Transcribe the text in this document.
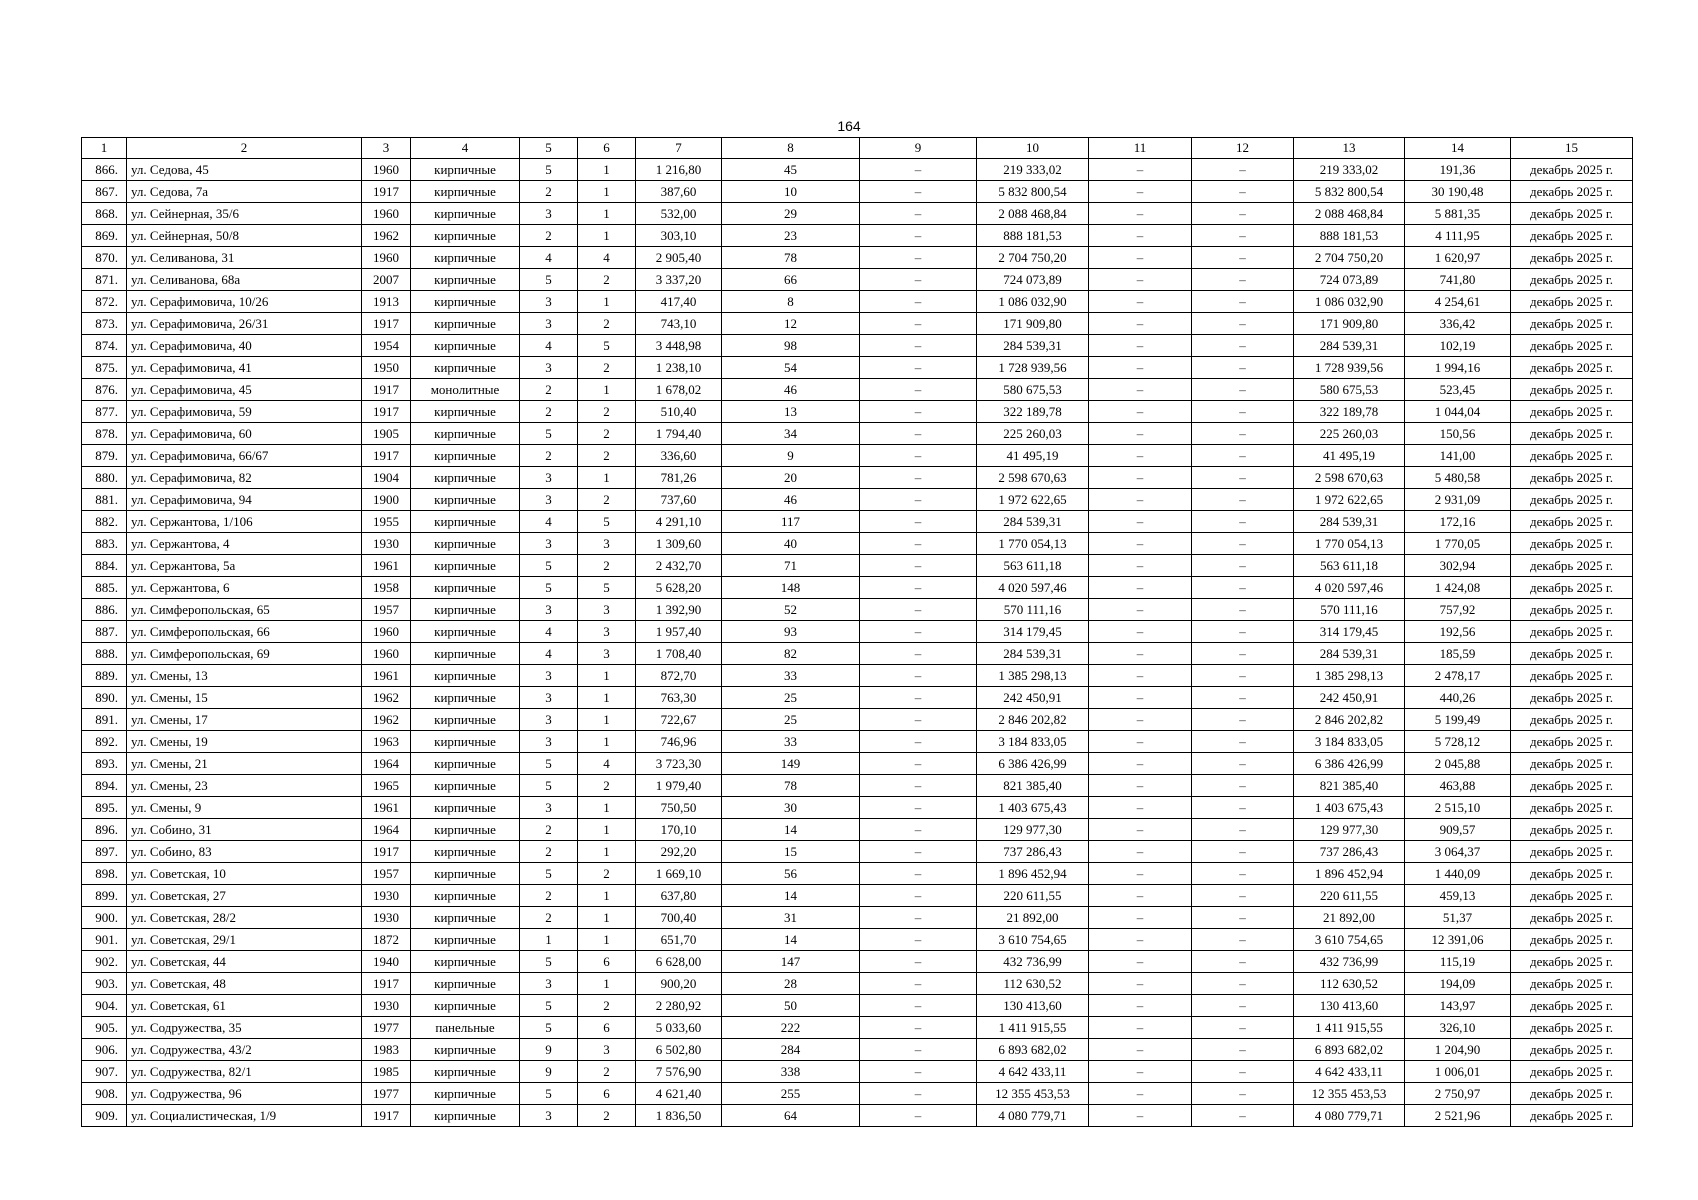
164
1	2	3	4	5	6	7	8	9	10	11	12	13	14	15
866.	ул. Седова, 45	1960	кирпичные	5	1	1 216,80	45	–	219 333,02	–	–	219 333,02	191,36	декабрь 2025 г.
867.	ул. Седова, 7а	1917	кирпичные	2	1	387,60	10	–	5 832 800,54	–	–	5 832 800,54	30 190,48	декабрь 2025 г.
868.	ул. Сейнерная, 35/6	1960	кирпичные	3	1	532,00	29	–	2 088 468,84	–	–	2 088 468,84	5 881,35	декабрь 2025 г.
869.	ул. Сейнерная, 50/8	1962	кирпичные	2	1	303,10	23	–	888 181,53	–	–	888 181,53	4 111,95	декабрь 2025 г.
870.	ул. Селиванова, 31	1960	кирпичные	4	4	2 905,40	78	–	2 704 750,20	–	–	2 704 750,20	1 620,97	декабрь 2025 г.
871.	ул. Селиванова, 68а	2007	кирпичные	5	2	3 337,20	66	–	724 073,89	–	–	724 073,89	741,80	декабрь 2025 г.
872.	ул. Серафимовича, 10/26	1913	кирпичные	3	1	417,40	8	–	1 086 032,90	–	–	1 086 032,90	4 254,61	декабрь 2025 г.
873.	ул. Серафимовича, 26/31	1917	кирпичные	3	2	743,10	12	–	171 909,80	–	–	171 909,80	336,42	декабрь 2025 г.
874.	ул. Серафимовича, 40	1954	кирпичные	4	5	3 448,98	98	–	284 539,31	–	–	284 539,31	102,19	декабрь 2025 г.
875.	ул. Серафимовича, 41	1950	кирпичные	3	2	1 238,10	54	–	1 728 939,56	–	–	1 728 939,56	1 994,16	декабрь 2025 г.
876.	ул. Серафимовича, 45	1917	монолитные	2	1	1 678,02	46	–	580 675,53	–	–	580 675,53	523,45	декабрь 2025 г.
877.	ул. Серафимовича, 59	1917	кирпичные	2	2	510,40	13	–	322 189,78	–	–	322 189,78	1 044,04	декабрь 2025 г.
878.	ул. Серафимовича, 60	1905	кирпичные	5	2	1 794,40	34	–	225 260,03	–	–	225 260,03	150,56	декабрь 2025 г.
879.	ул. Серафимовича, 66/67	1917	кирпичные	2	2	336,60	9	–	41 495,19	–	–	41 495,19	141,00	декабрь 2025 г.
880.	ул. Серафимовича, 82	1904	кирпичные	3	1	781,26	20	–	2 598 670,63	–	–	2 598 670,63	5 480,58	декабрь 2025 г.
881.	ул. Серафимовича, 94	1900	кирпичные	3	2	737,60	46	–	1 972 622,65	–	–	1 972 622,65	2 931,09	декабрь 2025 г.
882.	ул. Сержантова, 1/106	1955	кирпичные	4	5	4 291,10	117	–	284 539,31	–	–	284 539,31	172,16	декабрь 2025 г.
883.	ул. Сержантова, 4	1930	кирпичные	3	3	1 309,60	40	–	1 770 054,13	–	–	1 770 054,13	1 770,05	декабрь 2025 г.
884.	ул. Сержантова, 5а	1961	кирпичные	5	2	2 432,70	71	–	563 611,18	–	–	563 611,18	302,94	декабрь 2025 г.
885.	ул. Сержантова, 6	1958	кирпичные	5	5	5 628,20	148	–	4 020 597,46	–	–	4 020 597,46	1 424,08	декабрь 2025 г.
886.	ул. Симферопольская, 65	1957	кирпичные	3	3	1 392,90	52	–	570 111,16	–	–	570 111,16	757,92	декабрь 2025 г.
887.	ул. Симферопольская, 66	1960	кирпичные	4	3	1 957,40	93	–	314 179,45	–	–	314 179,45	192,56	декабрь 2025 г.
888.	ул. Симферопольская, 69	1960	кирпичные	4	3	1 708,40	82	–	284 539,31	–	–	284 539,31	185,59	декабрь 2025 г.
889.	ул. Смены, 13	1961	кирпичные	3	1	872,70	33	–	1 385 298,13	–	–	1 385 298,13	2 478,17	декабрь 2025 г.
890.	ул. Смены, 15	1962	кирпичные	3	1	763,30	25	–	242 450,91	–	–	242 450,91	440,26	декабрь 2025 г.
891.	ул. Смены, 17	1962	кирпичные	3	1	722,67	25	–	2 846 202,82	–	–	2 846 202,82	5 199,49	декабрь 2025 г.
892.	ул. Смены, 19	1963	кирпичные	3	1	746,96	33	–	3 184 833,05	–	–	3 184 833,05	5 728,12	декабрь 2025 г.
893.	ул. Смены, 21	1964	кирпичные	5	4	3 723,30	149	–	6 386 426,99	–	–	6 386 426,99	2 045,88	декабрь 2025 г.
894.	ул. Смены, 23	1965	кирпичные	5	2	1 979,40	78	–	821 385,40	–	–	821 385,40	463,88	декабрь 2025 г.
895.	ул. Смены, 9	1961	кирпичные	3	1	750,50	30	–	1 403 675,43	–	–	1 403 675,43	2 515,10	декабрь 2025 г.
896.	ул. Собино, 31	1964	кирпичные	2	1	170,10	14	–	129 977,30	–	–	129 977,30	909,57	декабрь 2025 г.
897.	ул. Собино, 83	1917	кирпичные	2	1	292,20	15	–	737 286,43	–	–	737 286,43	3 064,37	декабрь 2025 г.
898.	ул. Советская, 10	1957	кирпичные	5	2	1 669,10	56	–	1 896 452,94	–	–	1 896 452,94	1 440,09	декабрь 2025 г.
899.	ул. Советская, 27	1930	кирпичные	2	1	637,80	14	–	220 611,55	–	–	220 611,55	459,13	декабрь 2025 г.
900.	ул. Советская, 28/2	1930	кирпичные	2	1	700,40	31	–	21 892,00	–	–	21 892,00	51,37	декабрь 2025 г.
901.	ул. Советская, 29/1	1872	кирпичные	1	1	651,70	14	–	3 610 754,65	–	–	3 610 754,65	12 391,06	декабрь 2025 г.
902.	ул. Советская, 44	1940	кирпичные	5	6	6 628,00	147	–	432 736,99	–	–	432 736,99	115,19	декабрь 2025 г.
903.	ул. Советская, 48	1917	кирпичные	3	1	900,20	28	–	112 630,52	–	–	112 630,52	194,09	декабрь 2025 г.
904.	ул. Советская, 61	1930	кирпичные	5	2	2 280,92	50	–	130 413,60	–	–	130 413,60	143,97	декабрь 2025 г.
905.	ул. Содружества, 35	1977	панельные	5	6	5 033,60	222	–	1 411 915,55	–	–	1 411 915,55	326,10	декабрь 2025 г.
906.	ул. Содружества, 43/2	1983	кирпичные	9	3	6 502,80	284	–	6 893 682,02	–	–	6 893 682,02	1 204,90	декабрь 2025 г.
907.	ул. Содружества, 82/1	1985	кирпичные	9	2	7 576,90	338	–	4 642 433,11	–	–	4 642 433,11	1 006,01	декабрь 2025 г.
908.	ул. Содружества, 96	1977	кирпичные	5	6	4 621,40	255	–	12 355 453,53	–	–	12 355 453,53	2 750,97	декабрь 2025 г.
909.	ул. Социалистическая, 1/9	1917	кирпичные	3	2	1 836,50	64	–	4 080 779,71	–	–	4 080 779,71	2 521,96	декабрь 2025 г.
